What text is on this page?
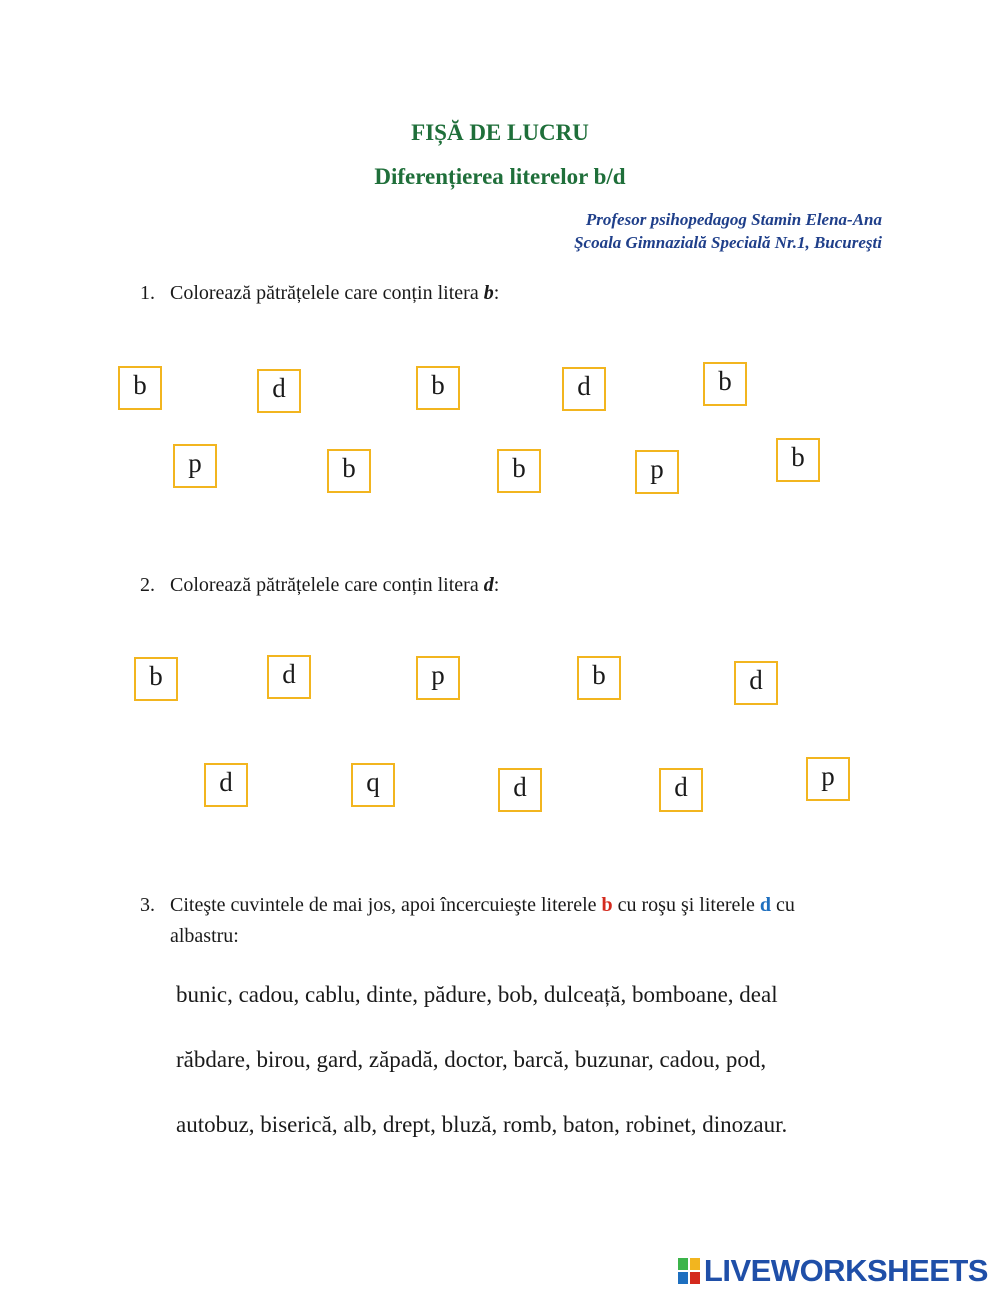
FIȘĂ DE LUCRU
Diferențierea literelor b/d
Profesor psihopedagog Stamin Elena-Ana
Şcoala Gimnazială Specială Nr.1, Bucureşti
1. Colorează pătrățelele care conțin litera b:
b	d	b	d	b
p	b	b	p	b
2. Colorează pătrățelele care conțin litera d:
b	d	p	b	d
d	q	d	d	p
3. Citeşte cuvintele de mai jos, apoi încercuieşte literele b cu roşu şi literele d cu
albastru:
bunic, cadou, cablu, dinte, pădure, bob, dulceață, bomboane, deal
răbdare, birou, gard, zăpadă, doctor, barcă, buzunar, cadou, pod,
autobuz, biserică, alb, drept, bluză, romb, baton, robinet, dinozaur.
LIVEWORKSHEETS
